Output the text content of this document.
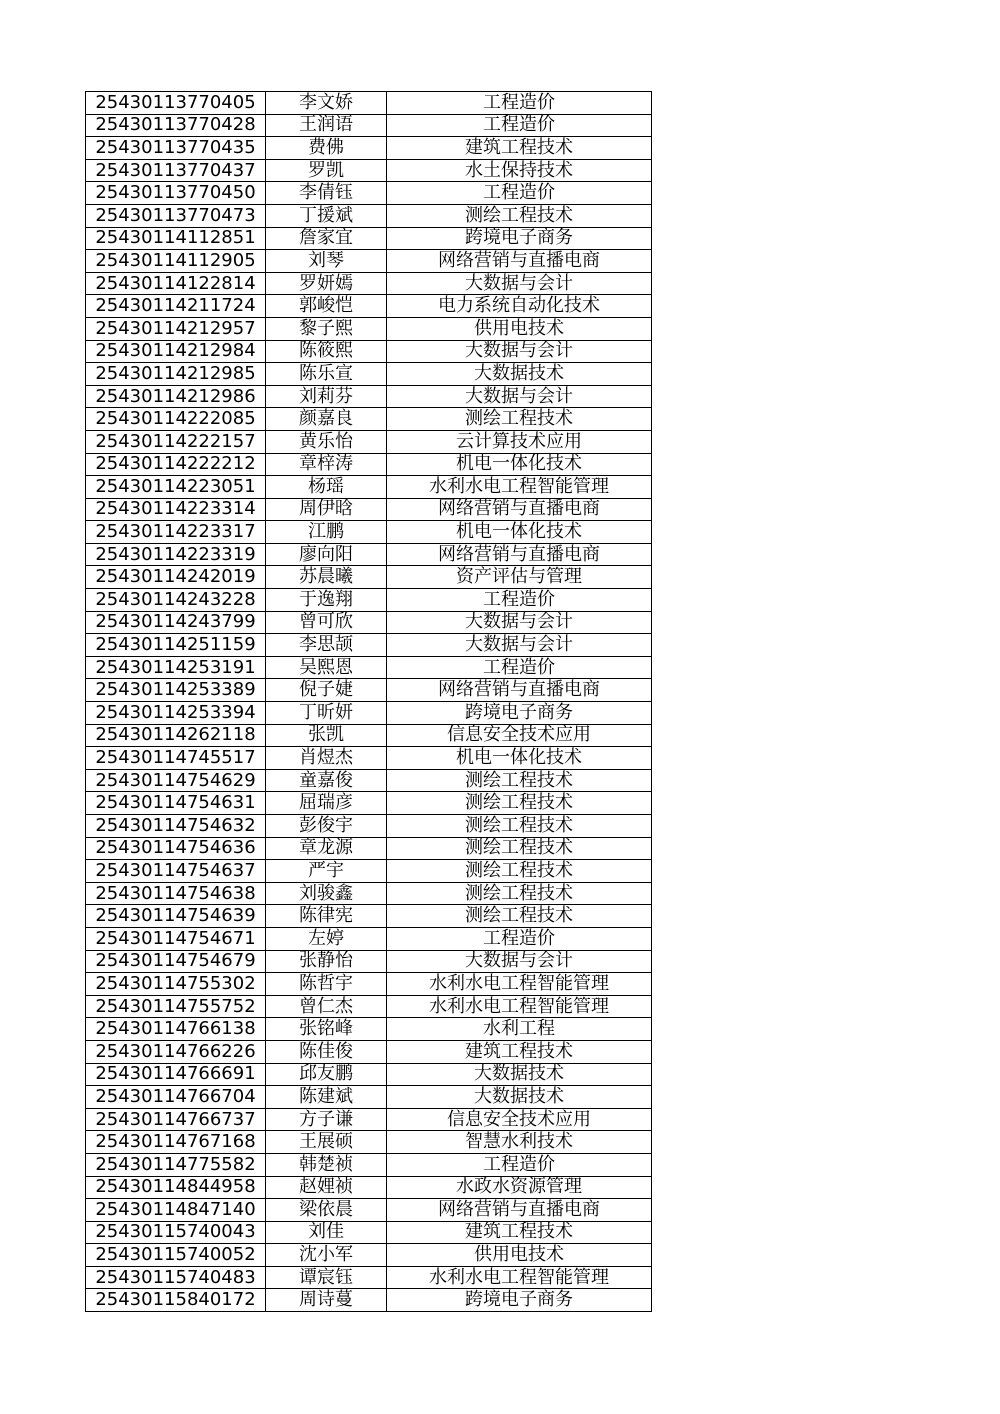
25430113770405	李文娇	工程造价
25430113770428	王润语	工程造价
25430113770435	费佛	建筑工程技术
25430113770437	罗凯	水土保持技术
25430113770450	李倩钰	工程造价
25430113770473	丁援斌	测绘工程技术
25430114112851	詹家宜	跨境电子商务
25430114112905	刘琴	网络营销与直播电商
25430114122814	罗妍嫣	大数据与会计
25430114211724	郭峻恺	电力系统自动化技术
25430114212957	黎子熙	供用电技术
25430114212984	陈筱熙	大数据与会计
25430114212985	陈乐宣	大数据技术
25430114212986	刘莉芬	大数据与会计
25430114222085	颜嘉良	测绘工程技术
25430114222157	黄乐怡	云计算技术应用
25430114222212	章梓涛	机电一体化技术
25430114223051	杨瑶	水利水电工程智能管理
25430114223314	周伊晗	网络营销与直播电商
25430114223317	江鹏	机电一体化技术
25430114223319	廖向阳	网络营销与直播电商
25430114242019	苏晨曦	资产评估与管理
25430114243228	于逸翔	工程造价
25430114243799	曾可欣	大数据与会计
25430114251159	李思颉	大数据与会计
25430114253191	吴熙恩	工程造价
25430114253389	倪子婕	网络营销与直播电商
25430114253394	丁昕妍	跨境电子商务
25430114262118	张凯	信息安全技术应用
25430114745517	肖煜杰	机电一体化技术
25430114754629	童嘉俊	测绘工程技术
25430114754631	屈瑞彦	测绘工程技术
25430114754632	彭俊宇	测绘工程技术
25430114754636	章龙源	测绘工程技术
25430114754637	严宇	测绘工程技术
25430114754638	刘骏鑫	测绘工程技术
25430114754639	陈律宪	测绘工程技术
25430114754671	左婷	工程造价
25430114754679	张静怡	大数据与会计
25430114755302	陈哲宇	水利水电工程智能管理
25430114755752	曾仁杰	水利水电工程智能管理
25430114766138	张铭峰	水利工程
25430114766226	陈佳俊	建筑工程技术
25430114766691	邱友鹏	大数据技术
25430114766704	陈建斌	大数据技术
25430114766737	方子谦	信息安全技术应用
25430114767168	王展硕	智慧水利技术
25430114775582	韩楚祯	工程造价
25430114844958	赵娌祯	水政水资源管理
25430114847140	梁依晨	网络营销与直播电商
25430115740043	刘佳	建筑工程技术
25430115740052	沈小军	供用电技术
25430115740483	谭宸钰	水利水电工程智能管理
25430115840172	周诗蔓	跨境电子商务
